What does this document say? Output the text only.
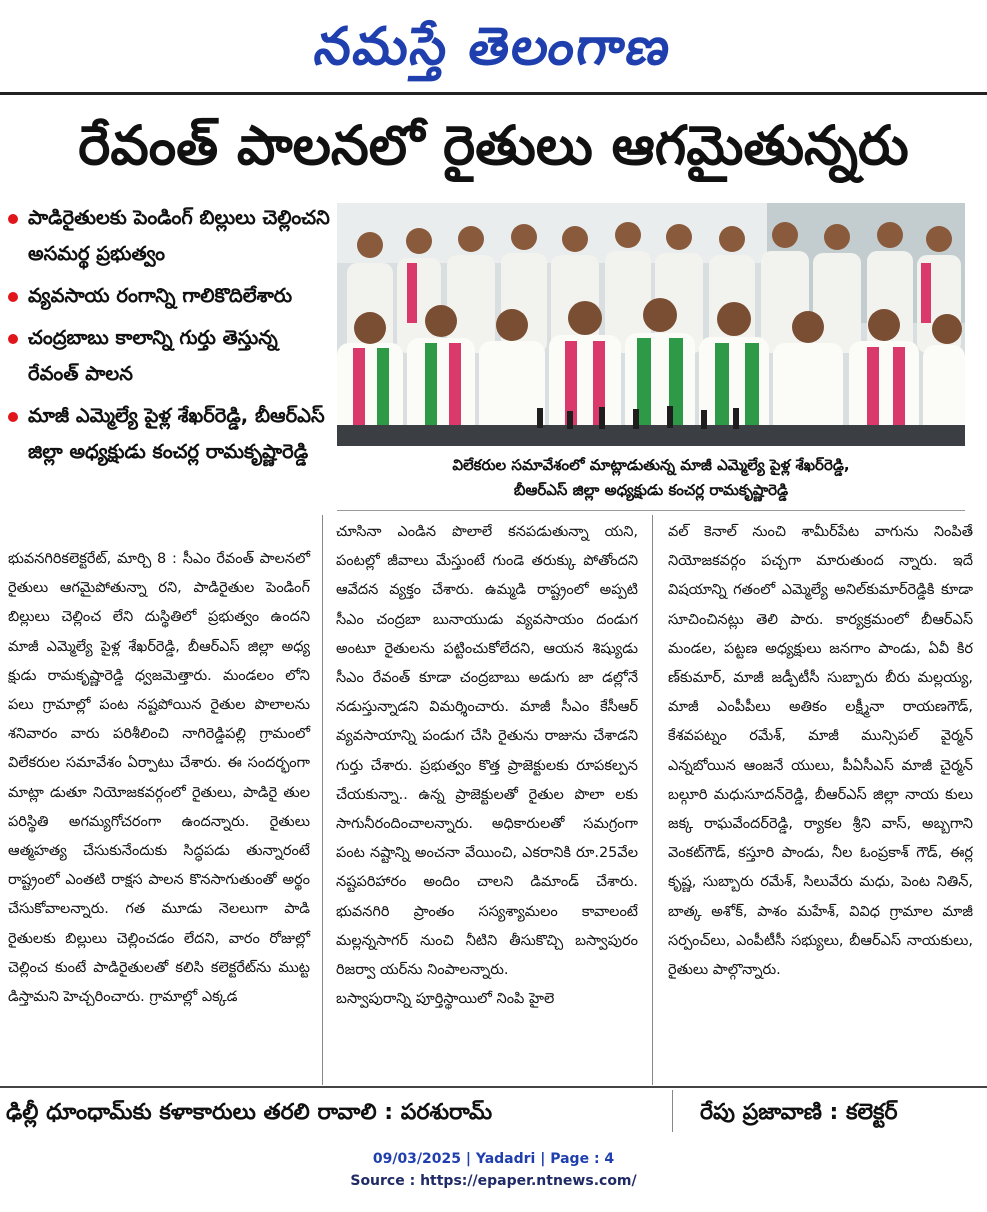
నమస్తే తెలంగాణ
రేవంత్‌ పాలనలో రైతులు ఆగమైతున్నరు
పాడిరైతులకు పెండింగ్‌ బిల్లులు చెల్లించని అసమర్థ ప్రభుత్వం
వ్యవసాయ రంగాన్ని గాలికొదిలేశారు
చంద్రబాబు కాలాన్ని గుర్తు తెస్తున్న రేవంత్‌ పాలన
మాజీ ఎమ్మెల్యే పైళ్ల శేఖర్‌రెడ్డి, బీఆర్‌ఎస్‌ జిల్లా అధ్యక్షుడు కంచర్ల రామకృష్ణారెడ్డి
విలేకరుల సమావేశంలో మాట్లాడుతున్న మాజీ ఎమ్మెల్యే పైళ్ల శేఖర్‌రెడ్డి,
బీఆర్‌ఎస్‌ జిల్లా అధ్యక్షుడు కంచర్ల రామకృష్ణారెడ్డి
భువనగిరికలెక్టరేట్‌, మార్చి 8 : సీఎం రేవంత్‌ పాలనలో రైతులు ఆగమైపోతున్నా రని, పాడిరైతుల పెండింగ్‌ బిల్లులు చెల్లించ లేని దుస్థితిలో ప్రభుత్వం ఉందని మాజీ ఎమ్మెల్యే పైళ్ల శేఖర్‌రెడ్డి, బీఆర్‌ఎస్‌ జిల్లా అధ్య క్షుడు రామకృష్ణారెడ్డి ధ్వజమెత్తారు. మండలం లోని పలు గ్రామాల్లో పంట నష్టపోయిన రైతుల పొలాలను శనివారం వారు పరిశీలించి నాగిరెడ్డిపల్లి గ్రామంలో విలేకరుల సమావేశం ఏర్పాటు చేశారు. ఈ సందర్భంగా మాట్లా డుతూ నియోజకవర్గంలో రైతులు, పాడిరై తుల పరిస్థితి అగమ్యగోచరంగా ఉందన్నారు. రైతులు ఆత్మహత్య చేసుకునేందుకు సిద్ధపడు తున్నారంటే రాష్ట్రంలో ఎంతటి రాక్షస పాలన కొనసాగుతుంతో అర్థం చేసుకోవాలన్నారు. గత మూడు నెలలుగా పాడి రైతులకు బిల్లులు చెల్లించడం లేదని, వారం రోజుల్లో చెల్లించ కుంటే పాడిరైతులతో కలిసి కలెక్టరేట్‌ను ముట్ట డిస్తామని హెచ్చరించారు. గ్రామాల్లో ఎక్కడ
చూసినా ఎండిన పొలాలే కనపడుతున్నా యని, పంటల్లో జీవాలు మేస్తుంటే గుండె తరుక్కు పోతోందని ఆవేదన వ్యక్తం చేశారు. ఉమ్మడి రాష్ట్రంలో అప్పటి సీఎం చంద్రబా బునాయుడు వ్యవసాయం దండుగ అంటూ రైతులను పట్టించుకోలేదని, ఆయన శిష్యుడు సీఎం రేవంత్‌ కూడా చంద్రబాబు అడుగు జా డల్లోనే నడుస్తున్నాడని విమర్శించారు. మాజీ సీఎం కేసీఆర్‌ వ్యవసాయాన్ని పండుగ చేసి రైతును రాజును చేశాడని గుర్తు చేశారు. ప్రభుత్వం కొత్త ప్రాజెక్టులకు రూపకల్పన చేయకున్నా.. ఉన్న ప్రాజెక్టులతో రైతుల పొలా లకు సాగునీరందించాలన్నారు. అధికారులతో సమగ్రంగా పంట నష్టాన్ని అంచనా వేయించి, ఎకరానికి రూ.25వేల నష్టపరిహారం అందిం చాలని డిమాండ్‌ చేశారు. భువనగిరి ప్రాంతం సస్యశ్యామలం కావాలంటే మల్లన్నసాగర్‌ నుంచి నీటిని తీసుకొచ్చి బస్వాపురం రిజర్వా యర్‌ను నింపాలన్నారు.
బస్వాపురాన్ని పూర్తిస్థాయిలో నింపి హైలె
వల్‌ కెనాల్‌ నుంచి శామీర్‌పేట వాగును నింపితే నియోజకవర్గం పచ్చగా మారుతుంద న్నారు. ఇదే విషయాన్ని గతంలో ఎమ్మెల్యే అనిల్‌కుమార్‌రెడ్డికి కూడా సూచించినట్లు తెలి పారు. కార్యక్రమంలో బీఆర్‌ఎస్‌ మండల, పట్టణ అధ్యక్షులు జనగాం పాండు, ఏవీ కిర ణ్‌కుమార్‌, మాజీ జడ్పీటీసీ సుబ్బారు బీరు మల్లయ్య, మాజీ ఎంపీపీలు అతికం లక్ష్మీనా రాయణగౌడ్‌, కేశవపట్నం రమేశ్‌, మాజీ మున్సిపల్‌ వైర్మన్‌ ఎన్నబోయిన ఆంజనే యులు, పీఏసీఎస్‌ మాజీ చైర్మన్‌ బల్గూరి మధుసూదన్‌రెడ్డి, బీఆర్‌ఎస్‌ జిల్లా నాయ కులు జక్క రాఘవేందర్‌రెడ్డి, ర్యాకల శ్రీని వాస్‌, అబ్బగాని వెంకట్‌గౌడ్‌, కస్తూరి పాండు, నీల ఓంప్రకాశ్‌ గౌడ్‌, ఈర్ల కృష్ణ, సుబ్బారు రమేశ్‌, సిలువేరు మధు, పెంట నితిన్‌, బాత్క అశోక్‌, పాశం మహేశ్‌, వివిధ గ్రామాల మాజీ సర్పంచ్‌లు, ఎంపీటీసీ సభ్యులు, బీఆర్‌ఎస్‌ నాయకులు, రైతులు పాల్గొన్నారు.
ఢిల్లీ ధూంధామ్‌కు కళాకారులు తరలి రావాలి : పరశురామ్‌	రేపు ప్రజావాణి : కలెక్టర్‌
09/03/2025 | Yadadri | Page : 4
Source : https://epaper.ntnews.com/
